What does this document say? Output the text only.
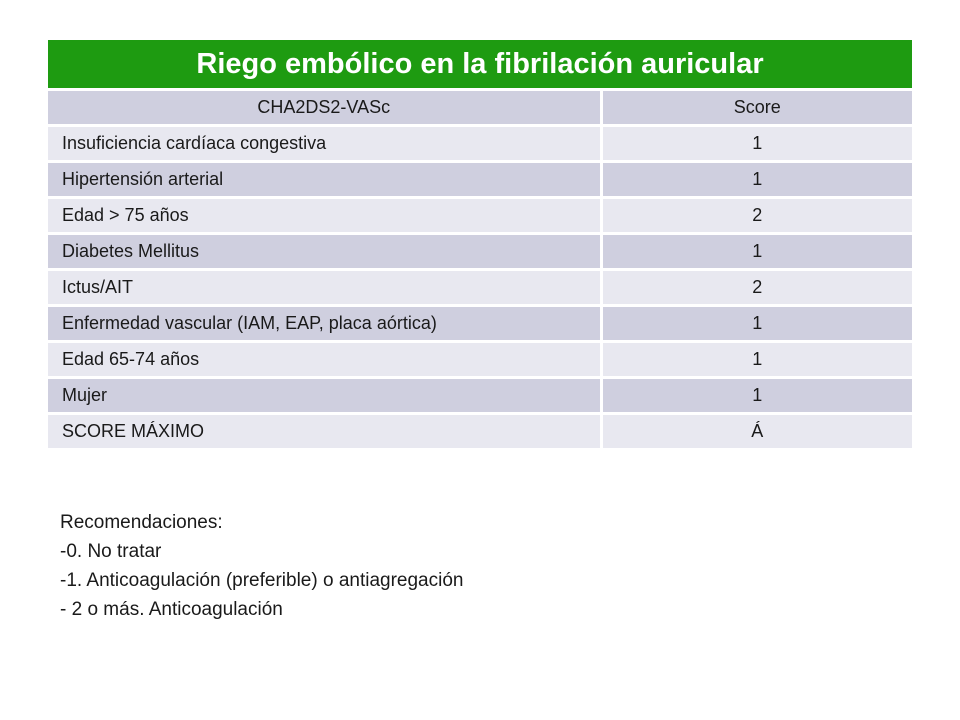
Riego embólico en la fibrilación auricular	
CHA2DS2-VASc	Score
Insuficiencia cardíaca congestiva	1
Hipertensión arterial	1
Edad > 75 años	2
Diabetes Mellitus	1
Ictus/AIT	2
Enfermedad vascular (IAM, EAP, placa aórtica)	1
Edad 65-74 años	1
Mujer	1
SCORE MÁXIMO	Á
Recomendaciones:
-0. No tratar
-1. Anticoagulación (preferible) o antiagregación
- 2 o más. Anticoagulación
